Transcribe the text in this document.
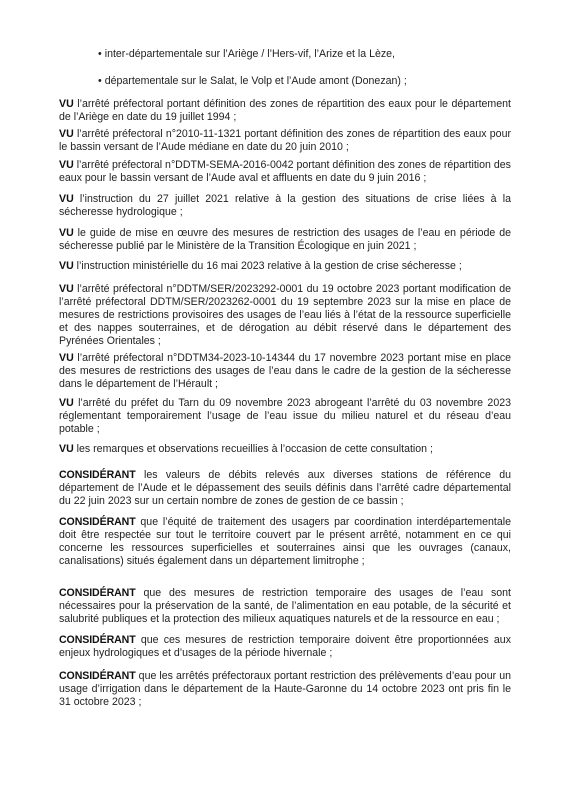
• inter-départementale sur l’Ariège / l’Hers-vif, l’Arize et la Lèze,
• départementale sur le Salat, le Volp et l’Aude amont (Donezan) ;
VU l’arrêté préfectoral portant définition des zones de répartition des eaux pour le département de l’Ariège en date du 19 juillet 1994 ;
VU l’arrêté préfectoral n°2010-11-1321 portant définition des zones de répartition des eaux pour le bassin versant de l’Aude médiane en date du 20 juin 2010 ;
VU l’arrêté préfectoral n°DDTM-SEMA-2016-0042 portant définition des zones de répartition des eaux pour le bassin versant de l’Aude aval et affluents en date du 9 juin 2016 ;
VU l’instruction du 27 juillet 2021 relative à la gestion des situations de crise liées à la sécheresse hydrologique ;
VU le guide de mise en œuvre des mesures de restriction des usages de l’eau en période de sécheresse publié par le Ministère de la Transition Écologique en juin 2021 ;
VU l’instruction ministérielle du 16 mai 2023 relative à la gestion de crise sécheresse ;
VU l’arrêté préfectoral n°DDTM/SER/2023292-0001 du 19 octobre 2023 portant modification de l’arrêté préfectoral DDTM/SER/2023262-0001 du 19 septembre 2023 sur la mise en place de mesures de restrictions provisoires des usages de l’eau liés à l’état de la ressource superficielle et des nappes souterraines, et de dérogation au débit réservé dans le département des Pyrénées Orientales ;
VU l’arrêté préfectoral n°DDTM34-2023-10-14344 du 17 novembre 2023 portant mise en place des mesures de restrictions des usages de l’eau dans le cadre de la gestion de la sécheresse dans le département de l’Hérault ;
VU l’arrêté du préfet du Tarn du 09 novembre 2023 abrogeant l’arrêté du 03 novembre 2023 réglementant temporairement l’usage de l’eau issue du milieu naturel et du réseau d’eau potable ;
VU les remarques et observations recueillies à l’occasion de cette consultation ;
CONSIDÉRANT les valeurs de débits relevés aux diverses stations de référence du département de l’Aude et le dépassement des seuils définis dans l’arrêté cadre départemental du 22 juin 2023 sur un certain nombre de zones de gestion de ce bassin ;
CONSIDÉRANT que l’équité de traitement des usagers par coordination interdépartementale doit être respectée sur tout le territoire couvert par le présent arrêté, notamment en ce qui concerne les ressources superficielles et souterraines ainsi que les ouvrages (canaux, canalisations) situés également dans un département limitrophe ;
CONSIDÉRANT que des mesures de restriction temporaire des usages de l’eau sont nécessaires pour la préservation de la santé, de l’alimentation en eau potable, de la sécurité et salubrité publiques et la protection des milieux aquatiques naturels et de la ressource en eau ;
CONSIDÉRANT que ces mesures de restriction temporaire doivent être proportionnées aux enjeux hydrologiques et d’usages de la période hivernale ;
CONSIDÉRANT que les arrêtés préfectoraux portant restriction des prélèvements d’eau pour un usage d’irrigation dans le département de la Haute-Garonne du 14 octobre 2023 ont pris fin le 31 octobre 2023 ;
